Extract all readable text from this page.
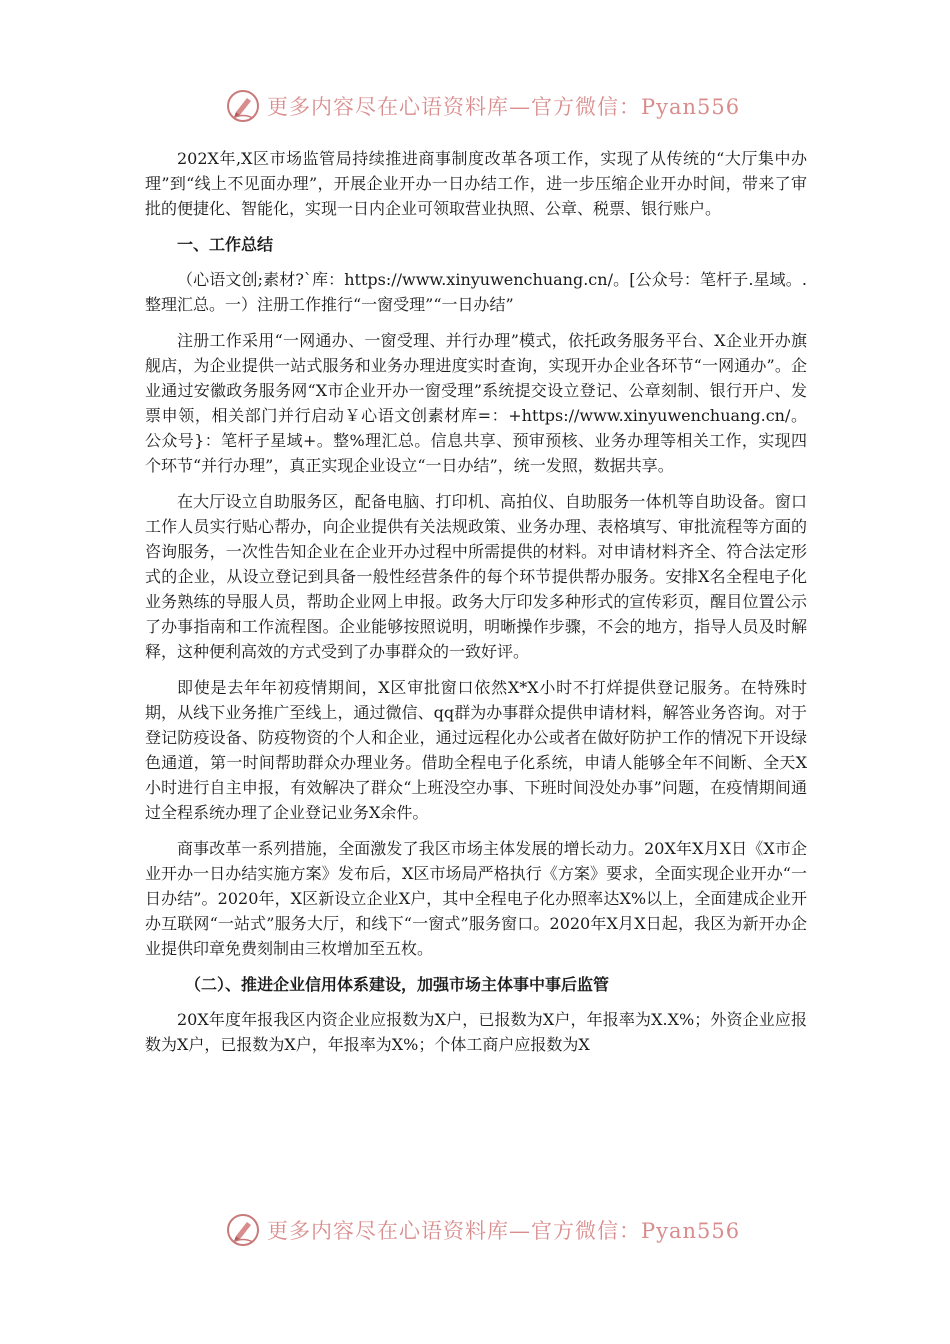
更多内容尽在心语资料库—官方微信：Pyan556

202X年,X区市场监管局持续推进商事制度改革各项工作，实现了从传统的“大厅集中办理”到“线上不见面办理”，开展企业开办一日办结工作，进一步压缩企业开办时间，带来了审批的便捷化、智能化，实现一日内企业可领取营业执照、公章、税票、银行账户。

一、工作总结

（心语文创;素材?`库：https://www.xinyuwenchuang.cn/。[公众号：笔杆子.星域。.整理汇总。一）注册工作推行“一窗受理”“一日办结”

注册工作采用“一网通办、一窗受理、并行办理”模式，依托政务服务平台、X企业开办旗舰店，为企业提供一站式服务和业务办理进度实时查询，实现开办企业各环节“一网通办”。企业通过安徽政务服务网“X市企业开办一窗受理”系统提交设立登记、公章刻制、银行开户、发票申领，相关部门并行启动￥心语文创素材库=：+https://www.xinyuwenchuang.cn/。公众号}：笔杆子星域+。整%理汇总。信息共享、预审预核、业务办理等相关工作，实现四个环节“并行办理”，真正实现企业设立“一日办结”，统一发照，数据共享。

在大厅设立自助服务区，配备电脑、打印机、高拍仪、自助服务一体机等自助设备。窗口工作人员实行贴心帮办，向企业提供有关法规政策、业务办理、表格填写、审批流程等方面的咨询服务，一次性告知企业在企业开办过程中所需提供的材料。对申请材料齐全、符合法定形式的企业，从设立登记到具备一般性经营条件的每个环节提供帮办服务。安排X名全程电子化业务熟练的导服人员，帮助企业网上申报。政务大厅印发多种形式的宣传彩页，醒目位置公示了办事指南和工作流程图。企业能够按照说明，明晰操作步骤，不会的地方，指导人员及时解释，这种便利高效的方式受到了办事群众的一致好评。

即使是去年年初疫情期间，X区审批窗口依然X*X小时不打烊提供登记服务。在特殊时期，从线下业务推广至线上，通过微信、qq群为办事群众提供申请材料，解答业务咨询。对于登记防疫设备、防疫物资的个人和企业，通过远程化办公或者在做好防护工作的情况下开设绿色通道，第一时间帮助群众办理业务。借助全程电子化系统，申请人能够全年不间断、全天X小时进行自主申报，有效解决了群众“上班没空办事、下班时间没处办事”问题，在疫情期间通过全程系统办理了企业登记业务X余件。

商事改革一系列措施，全面激发了我区市场主体发展的增长动力。20X年X月X日《X市企业开办一日办结实施方案》发布后，X区市场局严格执行《方案》要求，全面实现企业开办“一日办结”。2020年，X区新设立企业X户，其中全程电子化办照率达X%以上，全面建成企业开办互联网“一站式”服务大厅，和线下“一窗式”服务窗口。2020年X月X日起，我区为新开办企业提供印章免费刻制由三枚增加至五枚。

（二）、推进企业信用体系建设，加强市场主体事中事后监管

20X年度年报我区内资企业应报数为X户，已报数为X户，年报率为X.X%；外资企业应报数为X户，已报数为X户，年报率为X%；个体工商户应报数为X

更多内容尽在心语资料库—官方微信：Pyan556
